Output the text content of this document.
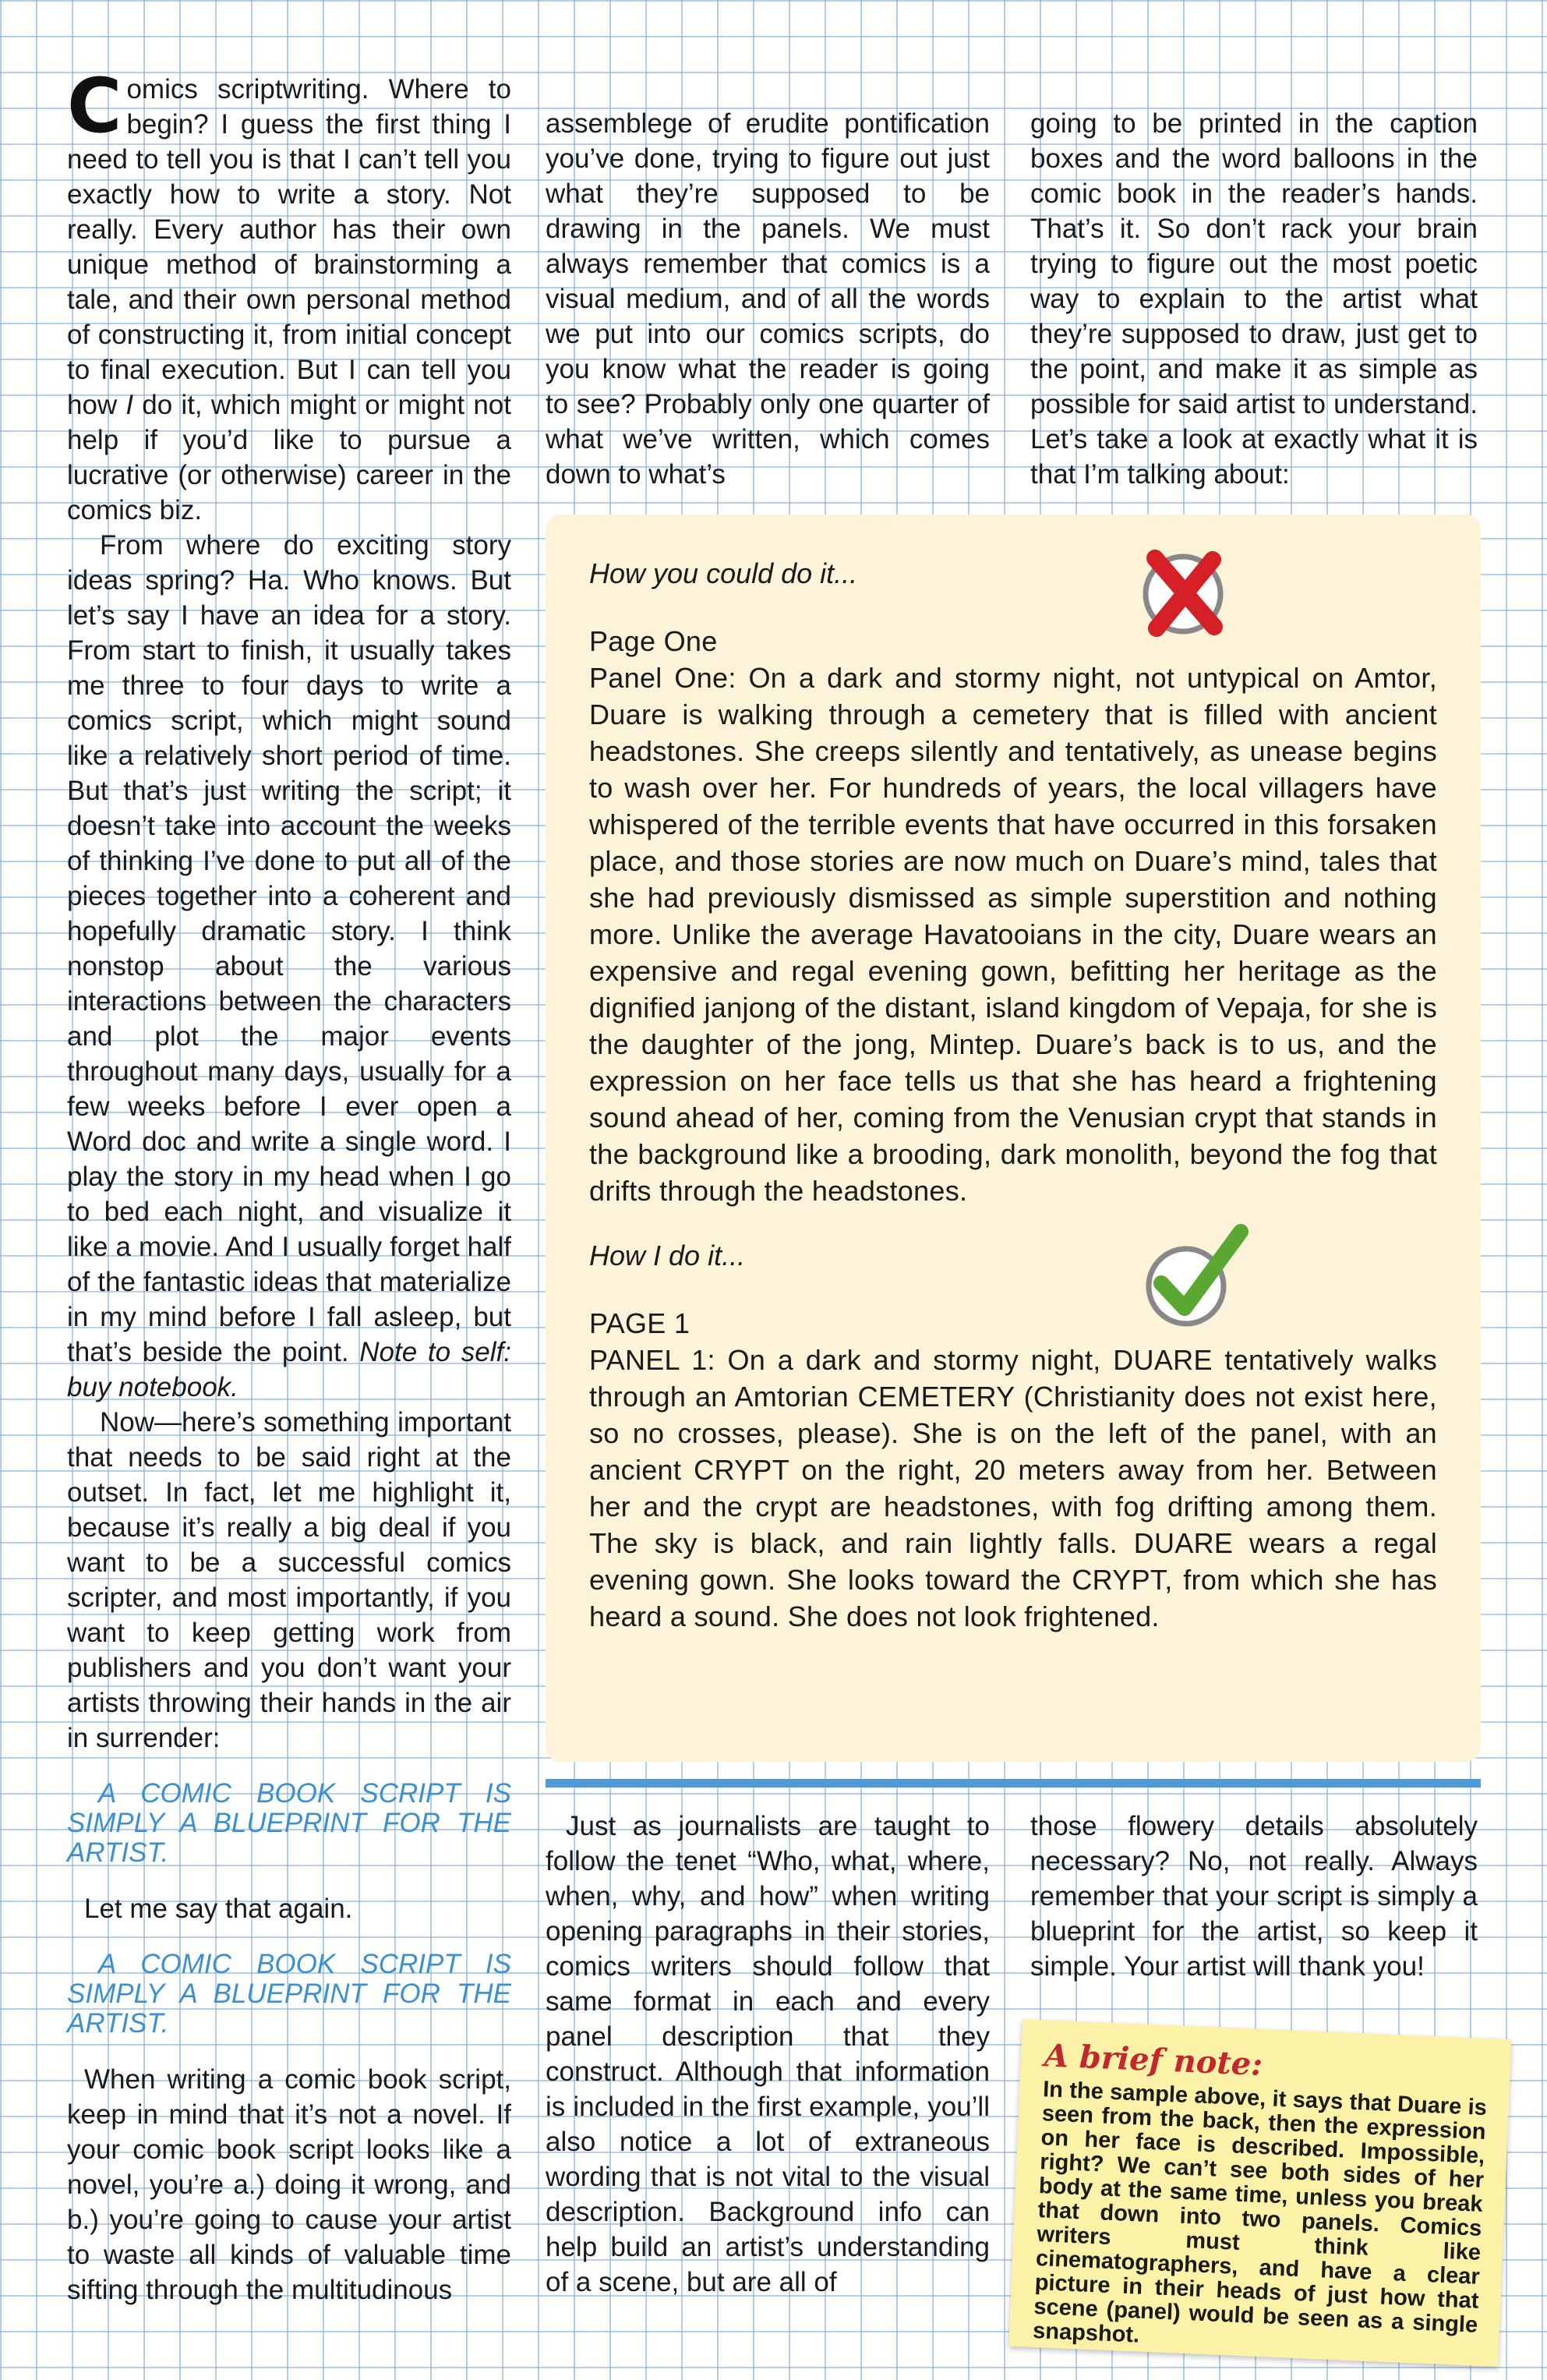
Comics scriptwriting. Where to begin? I guess the first thing I need to tell you is that I can’t tell you exactly how to write a story. Not really. Every author has their own unique method of brainstorming a tale, and their own personal method of constructing it, from initial concept to final execution. But I can tell you how I do it, which might or might not help if you’d like to pursue a lucrative (or otherwise) career in the comics biz.

From where do exciting story ideas spring? Ha. Who knows. But let’s say I have an idea for a story. From start to finish, it usually takes me three to four days to write a comics script, which might sound like a relatively short period of time. But that’s just writing the script; it doesn’t take into account the weeks of thinking I’ve done to put all of the pieces together into a coherent and hopefully dramatic story. I think nonstop about the various interactions between the characters and plot the major events throughout many days, usually for a few weeks before I ever open a Word doc and write a single word. I play the story in my head when I go to bed each night, and visualize it like a movie. And I usually forget half of the fantastic ideas that materialize in my mind before I fall asleep, but that’s beside the point. Note to self: buy notebook.

Now—here’s something important that needs to be said right at the outset. In fact, let me highlight it, because it’s really a big deal if you want to be a successful comics scripter, and most importantly, if you want to keep getting work from publishers and you don’t want your artists throwing their hands in the air in surrender:

A COMIC BOOK SCRIPT IS SIMPLY A BLUEPRINT FOR THE ARTIST.

Let me say that again.

A COMIC BOOK SCRIPT IS SIMPLY A BLUEPRINT FOR THE ARTIST.

When writing a comic book script, keep in mind that it’s not a novel. If your comic book script looks like a novel, you’re a.) doing it wrong, and b.) you’re going to cause your artist to waste all kinds of valuable time sifting through the multitudinous

assemblege of erudite pontification you’ve done, trying to figure out just what they’re supposed to be drawing in the panels. We must always remember that comics is a visual medium, and of all the words we put into our comics scripts, do you know what the reader is going to see? Probably only one quarter of what we’ve written, which comes down to what’s

going to be printed in the caption boxes and the word balloons in the comic book in the reader’s hands. That’s it. So don’t rack your brain trying to figure out the most poetic way to explain to the artist what they’re supposed to draw, just get to the point, and make it as simple as possible for said artist to understand. Let’s take a look at exactly what it is that I’m talking about:

How you could do it...

Page One

Panel One: On a dark and stormy night, not untypical on Amtor, Duare is walking through a cemetery that is filled with ancient headstones. She creeps silently and tentatively, as unease begins to wash over her. For hundreds of years, the local villagers have whispered of the terrible events that have occurred in this forsaken place, and those stories are now much on Duare’s mind, tales that she had previously dismissed as simple superstition and nothing more. Unlike the average Havatooians in the city, Duare wears an expensive and regal evening gown, befitting her heritage as the dignified janjong of the distant, island kingdom of Vepaja, for she is the daughter of the jong, Mintep. Duare’s back is to us, and the expression on her face tells us that she has heard a frightening sound ahead of her, coming from the Venusian crypt that stands in the background like a brooding, dark monolith, beyond the fog that drifts through the headstones.

How I do it...

PAGE 1

PANEL 1: On a dark and stormy night, DUARE tentatively walks through an Amtorian CEMETERY (Christianity does not exist here, so no crosses, please). She is on the left of the panel, with an ancient CRYPT on the right, 20 meters away from her. Between her and the crypt are headstones, with fog drifting among them. The sky is black, and rain lightly falls. DUARE wears a regal evening gown. She looks toward the CRYPT, from which she has heard a sound. She does not look frightened.

Just as journalists are taught to follow the tenet “Who, what, where, when, why, and how” when writing opening paragraphs in their stories, comics writers should follow that same format in each and every panel description that they construct. Although that information is included in the first example, you’ll also notice a lot of extraneous wording that is not vital to the visual description. Background info can help build an artist’s understanding of a scene, but are all of

those flowery details absolutely necessary? No, not really. Always remember that your script is simply a blueprint for the artist, so keep it simple. Your artist will thank you!

A brief note:

In the sample above, it says that Duare is seen from the back, then the expression on her face is described. Impossible, right? We can’t see both sides of her body at the same time, unless you break that down into two panels. Comics writers must think like cinematographers, and have a clear picture in their heads of just how that scene (panel) would be seen as a single snapshot.
